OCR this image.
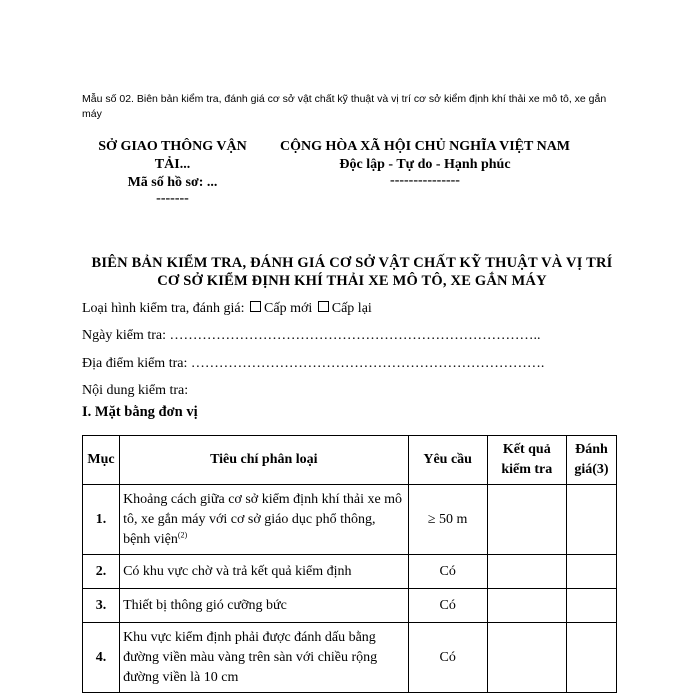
Mẫu số 02. Biên bản kiểm tra, đánh giá cơ sở vật chất kỹ thuật và vị trí cơ sở kiểm định khí thải xe mô tô, xe gắn máy
SỞ GIAO THÔNG VẬN TẢI...
Mã số hồ sơ: ...
-------
CỘNG HÒA XÃ HỘI CHỦ NGHĨA VIỆT NAM
Độc lập - Tự do - Hạnh phúc
---------------
BIÊN BẢN KIỂM TRA, ĐÁNH GIÁ CƠ SỞ VẬT CHẤT KỸ THUẬT VÀ VỊ TRÍ CƠ SỞ KIỂM ĐỊNH KHÍ THẢI XE MÔ TÔ, XE GẮN MÁY
Loại hình kiểm tra, đánh giá: Cấp mới Cấp lại
Ngày kiểm tra: ……………………………………………………………………..
Địa điểm kiểm tra: ………………………………………………………………….
Nội dung kiểm tra:
I. Mặt bằng đơn vị
Mục	Tiêu chí phân loại	Yêu cầu	Kết quả kiểm tra	Đánh giá(3)
1.	Khoảng cách giữa cơ sở kiểm định khí thải xe mô tô, xe gắn máy với cơ sở giáo dục phổ thông, bệnh viện$^{(2)}$	≥ 50 m		
2.	Có khu vực chờ và trả kết quả kiểm định	Có		
3.	Thiết bị thông gió cưỡng bức	Có		
4.	Khu vực kiểm định phải được đánh dấu bằng đường viền màu vàng trên sàn với chiều rộng đường viền là 10 cm	Có		
